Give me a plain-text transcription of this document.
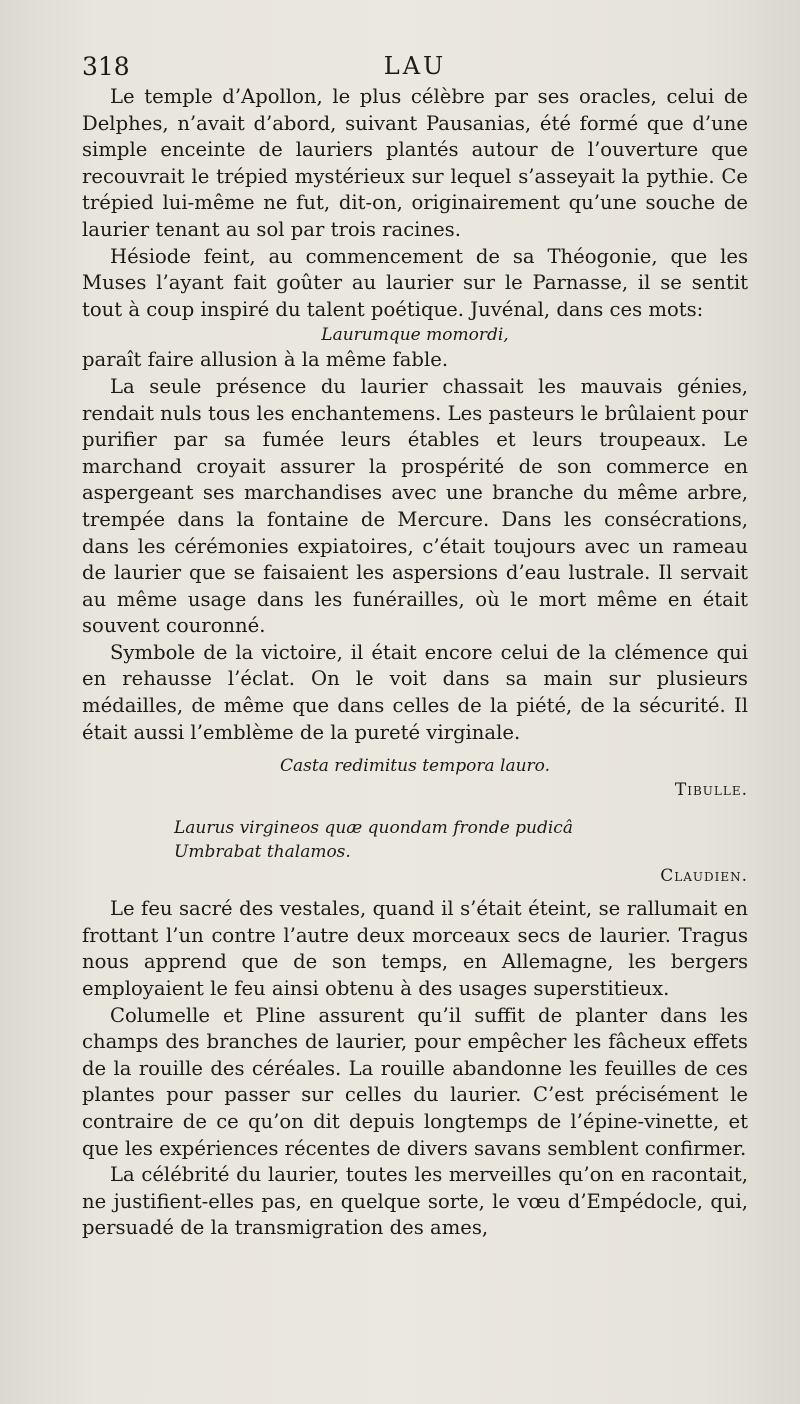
318	LAU

Le temple d’Apollon, le plus célèbre par ses oracles, celui de Delphes, n’avait d’abord, suivant Pausanias, été formé que d’une simple enceinte de lauriers plantés autour de l’ouverture que recouvrait le trépied mystérieux sur lequel s’asseyait la pythie. Ce trépied lui-même ne fut, dit-on, originairement qu’une souche de laurier tenant au sol par trois racines.

Hésiode feint, au commencement de sa Théogonie, que les Muses l’ayant fait goûter au laurier sur le Parnasse, il se sentit tout à coup inspiré du talent poétique. Juvénal, dans ces mots:

Laurumque momordi,

paraît faire allusion à la même fable.

La seule présence du laurier chassait les mauvais génies, rendait nuls tous les enchantemens. Les pasteurs le brûlaient pour purifier par sa fumée leurs étables et leurs troupeaux. Le marchand croyait assurer la prospérité de son commerce en aspergeant ses marchandises avec une branche du même arbre, trempée dans la fontaine de Mercure. Dans les consécrations, dans les cérémonies expiatoires, c’était toujours avec un rameau de laurier que se faisaient les aspersions d’eau lustrale. Il servait au même usage dans les funérailles, où le mort même en était souvent couronné.

Symbole de la victoire, il était encore celui de la clémence qui en rehausse l’éclat. On le voit dans sa main sur plusieurs médailles, de même que dans celles de la piété, de la sécurité. Il était aussi l’emblème de la pureté virginale.

Casta redimitus tempora lauro.

Tibulle.

Laurus virgineos quæ quondam fronde pudicâ

Umbrabat thalamos.

Claudien.

Le feu sacré des vestales, quand il s’était éteint, se rallumait en frottant l’un contre l’autre deux morceaux secs de laurier. Tragus nous apprend que de son temps, en Allemagne, les bergers employaient le feu ainsi obtenu à des usages superstitieux.

Columelle et Pline assurent qu’il suffit de planter dans les champs des branches de laurier, pour empêcher les fâcheux effets de la rouille des céréales. La rouille abandonne les feuilles de ces plantes pour passer sur celles du laurier. C’est précisément le contraire de ce qu’on dit depuis longtemps de l’épine-vinette, et que les expériences récentes de divers savans semblent confirmer.

La célébrité du laurier, toutes les merveilles qu’on en racontait, ne justifient-elles pas, en quelque sorte, le vœu d’Empédocle, qui, persuadé de la transmigration des ames,
